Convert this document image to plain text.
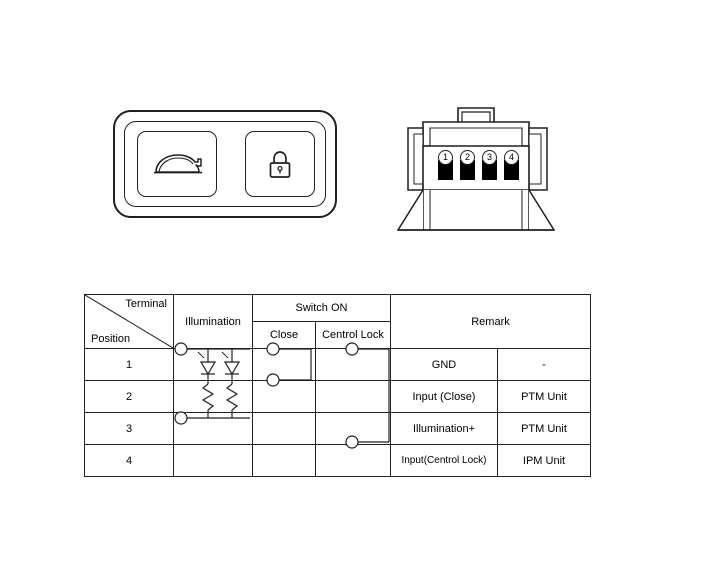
1	2	3	4
Terminal
Position	Illumination	Switch ON		Remark	
		Close	Centrol Lock		
1				GND	-
2				Input (Close)	PTM Unit
3				Illumination+	PTM Unit
4				Input(Centrol Lock)	IPM Unit
